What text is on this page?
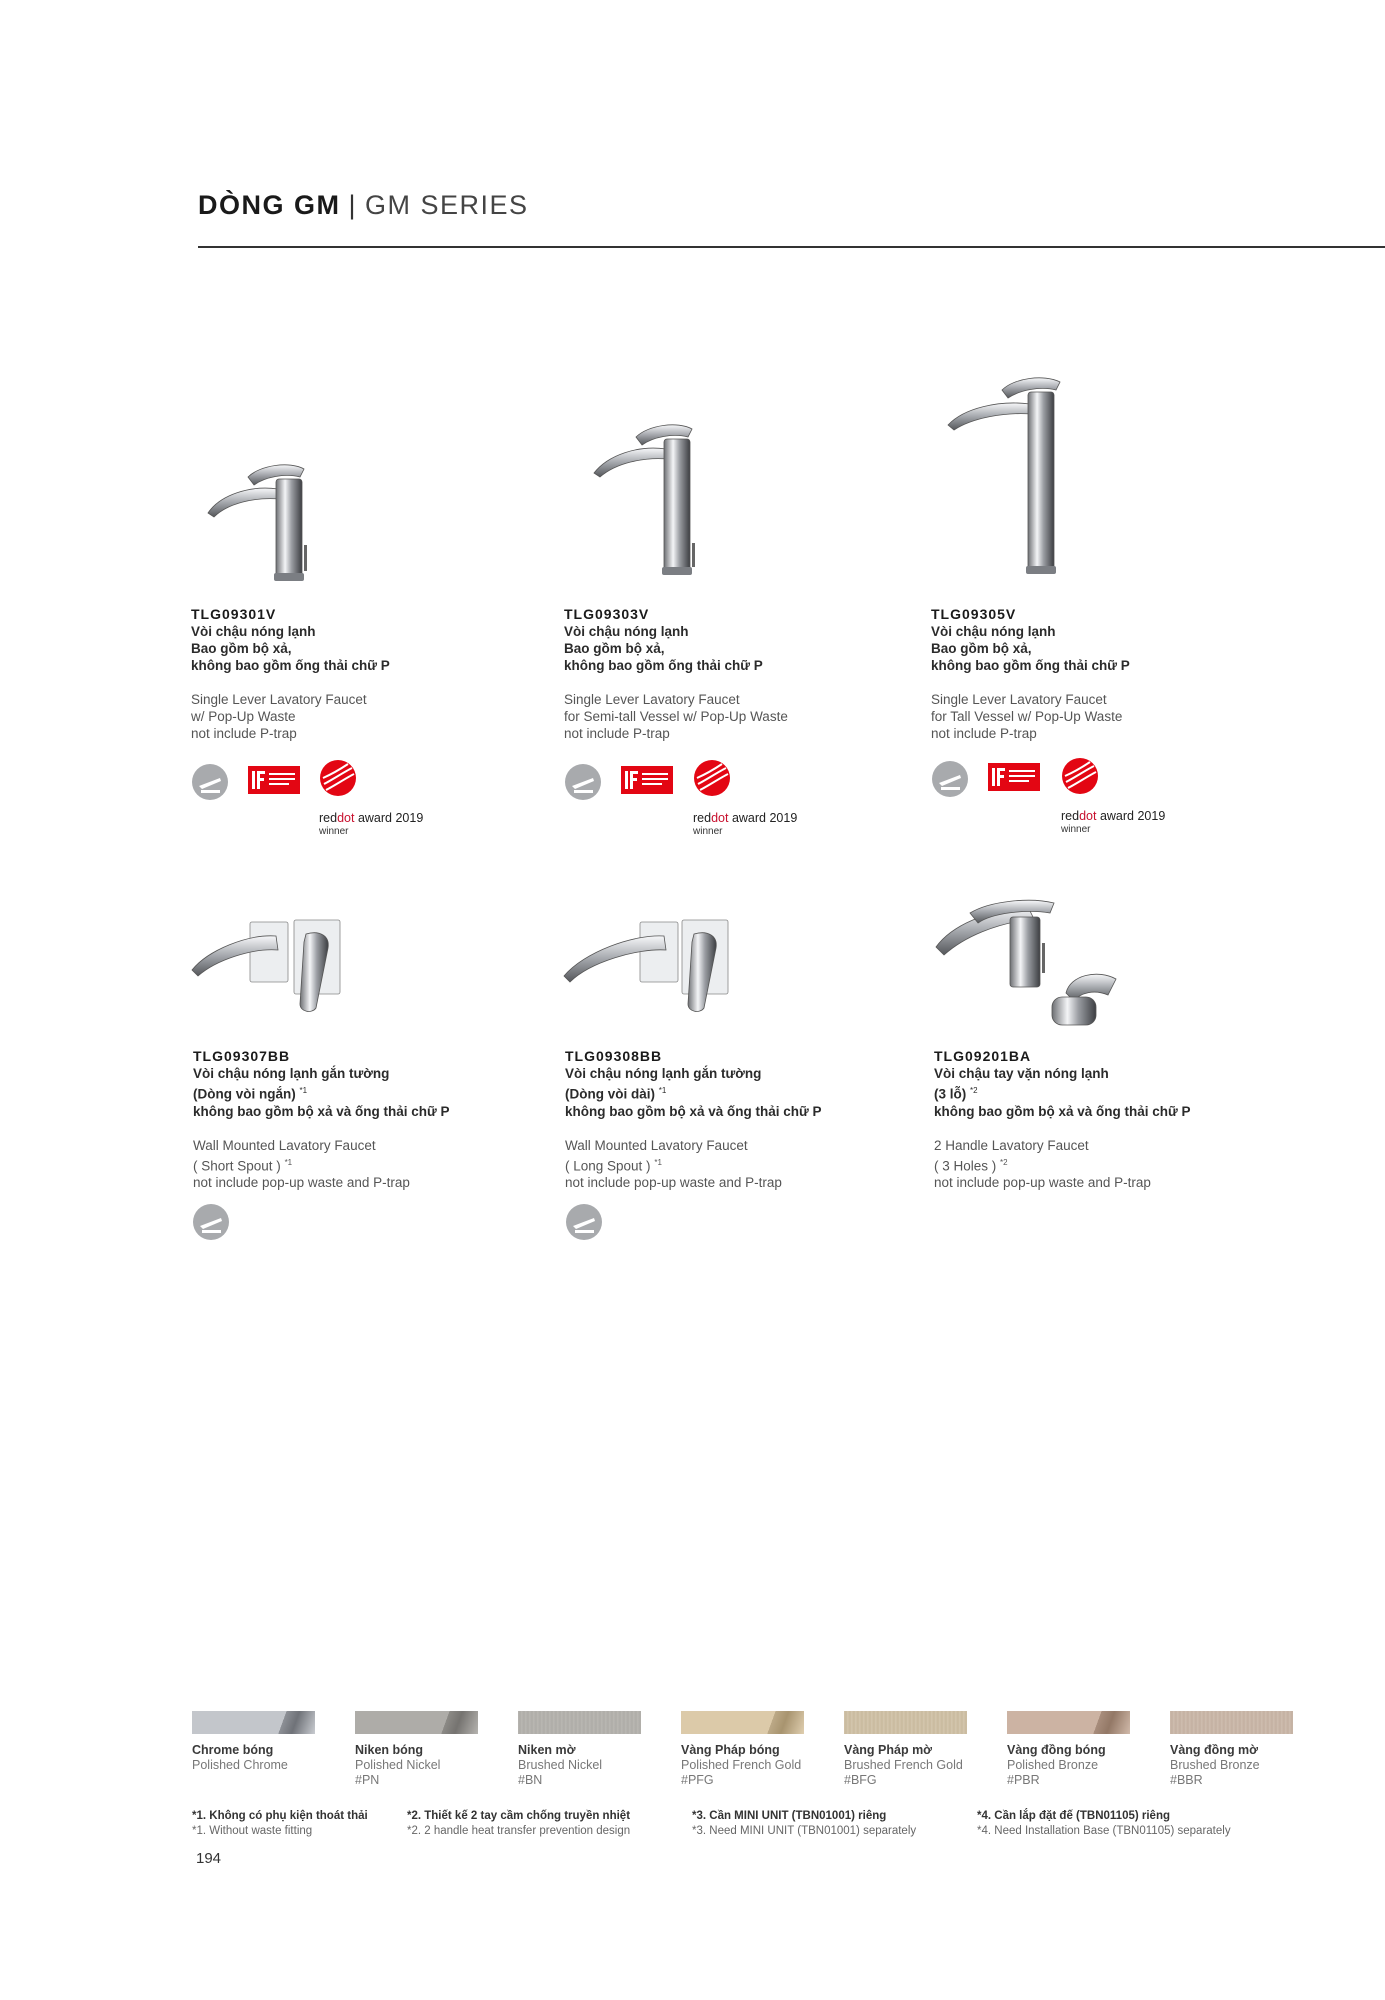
DÒNG GM | GM SERIES
TLG09301V
Vòi chậu nóng lạnh
Bao gồm bộ xả,
không bao gồm ống thải chữ P
Single Lever Lavatory Faucet
w/ Pop-Up Waste
not include P-trap
TLG09303V
Vòi chậu nóng lạnh
Bao gồm bộ xả,
không bao gồm ống thải chữ P
Single Lever Lavatory Faucet
for Semi-tall Vessel w/ Pop-Up Waste
not include P-trap
TLG09305V
Vòi chậu nóng lạnh
Bao gồm bộ xả,
không bao gồm ống thải chữ P
Single Lever Lavatory Faucet
for Tall Vessel w/ Pop-Up Waste
not include P-trap
reddot award 2019
winner
reddot award 2019
winner
reddot award 2019
winner
TLG09307BB
Vòi chậu nóng lạnh gắn tường
(Dòng vòi ngắn) $^{*1}$
không bao gồm bộ xả và ống thải chữ P
Wall Mounted Lavatory Faucet
( Short Spout ) $^{*1}$
not include pop-up waste and P-trap
TLG09308BB
Vòi chậu nóng lạnh gắn tường
(Dòng vòi dài) $^{*1}$
không bao gồm bộ xả và ống thải chữ P
Wall Mounted Lavatory Faucet
( Long Spout ) $^{*1}$
not include pop-up waste and P-trap
TLG09201BA
Vòi chậu tay vặn nóng lạnh
(3 lỗ) $^{*2}$
không bao gồm bộ xả và ống thải chữ P
2 Handle Lavatory Faucet
( 3 Holes ) $^{*2}$
not include pop-up waste and P-trap
Chrome bóng
Polished Chrome
Niken bóng
Polished Nickel
#PN
Niken mờ
Brushed Nickel
#BN
Vàng Pháp bóng
Polished French Gold
#PFG
Vàng Pháp mờ
Brushed French Gold
#BFG
Vàng đồng bóng
Polished Bronze
#PBR
Vàng đồng mờ
Brushed Bronze
#BBR
*1. Không có phụ kiện thoát thải
*1. Without waste fitting
*2. Thiết kế 2 tay cầm chống truyền nhiệt
*2. 2 handle heat transfer prevention design
*3. Cần MINI UNIT (TBN01001) riêng
*3. Need MINI UNIT (TBN01001) separately
*4. Cần lắp đặt đế (TBN01105) riêng
*4. Need Installation Base (TBN01105) separately
194
